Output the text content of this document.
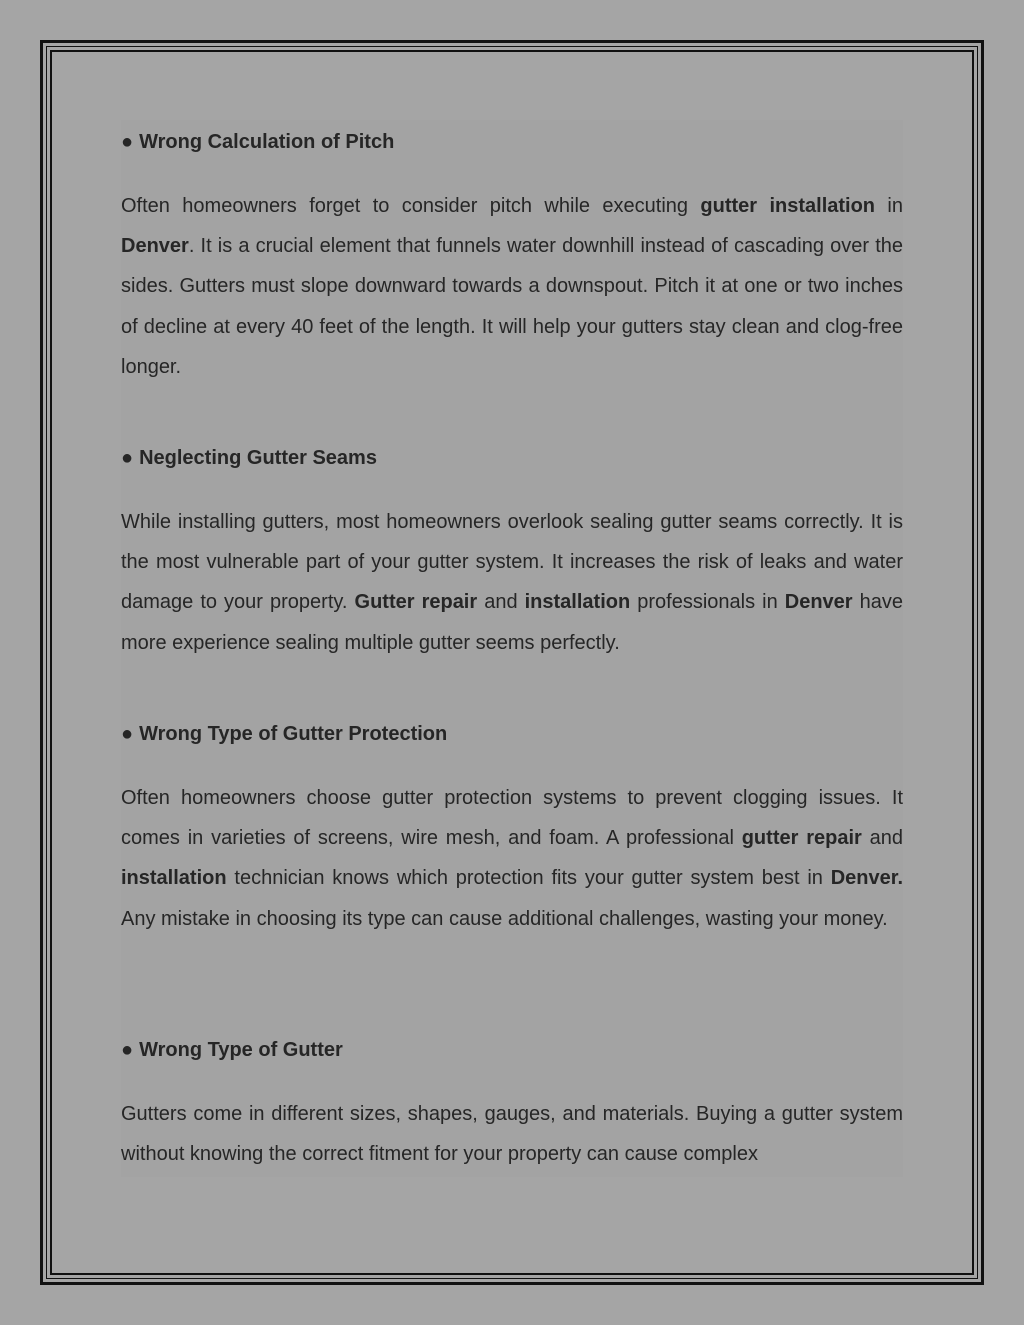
● Wrong Calculation of Pitch

Often homeowners forget to consider pitch while executing gutter installation in Denver. It is a crucial element that funnels water downhill instead of cascading over the sides. Gutters must slope downward towards a downspout. Pitch it at one or two inches of decline at every 40 feet of the length. It will help your gutters stay clean and clog-free longer.

● Neglecting Gutter Seams

While installing gutters, most homeowners overlook sealing gutter seams correctly. It is the most vulnerable part of your gutter system. It increases the risk of leaks and water damage to your property. Gutter repair and installation professionals in Denver have more experience sealing multiple gutter seems perfectly.

● Wrong Type of Gutter Protection

Often homeowners choose gutter protection systems to prevent clogging issues. It comes in varieties of screens, wire mesh, and foam. A professional gutter repair and installation technician knows which protection fits your gutter system best in Denver. Any mistake in choosing its type can cause additional challenges, wasting your money.

● Wrong Type of Gutter

Gutters come in different sizes, shapes, gauges, and materials. Buying a gutter system without knowing the correct fitment for your property can cause complex
